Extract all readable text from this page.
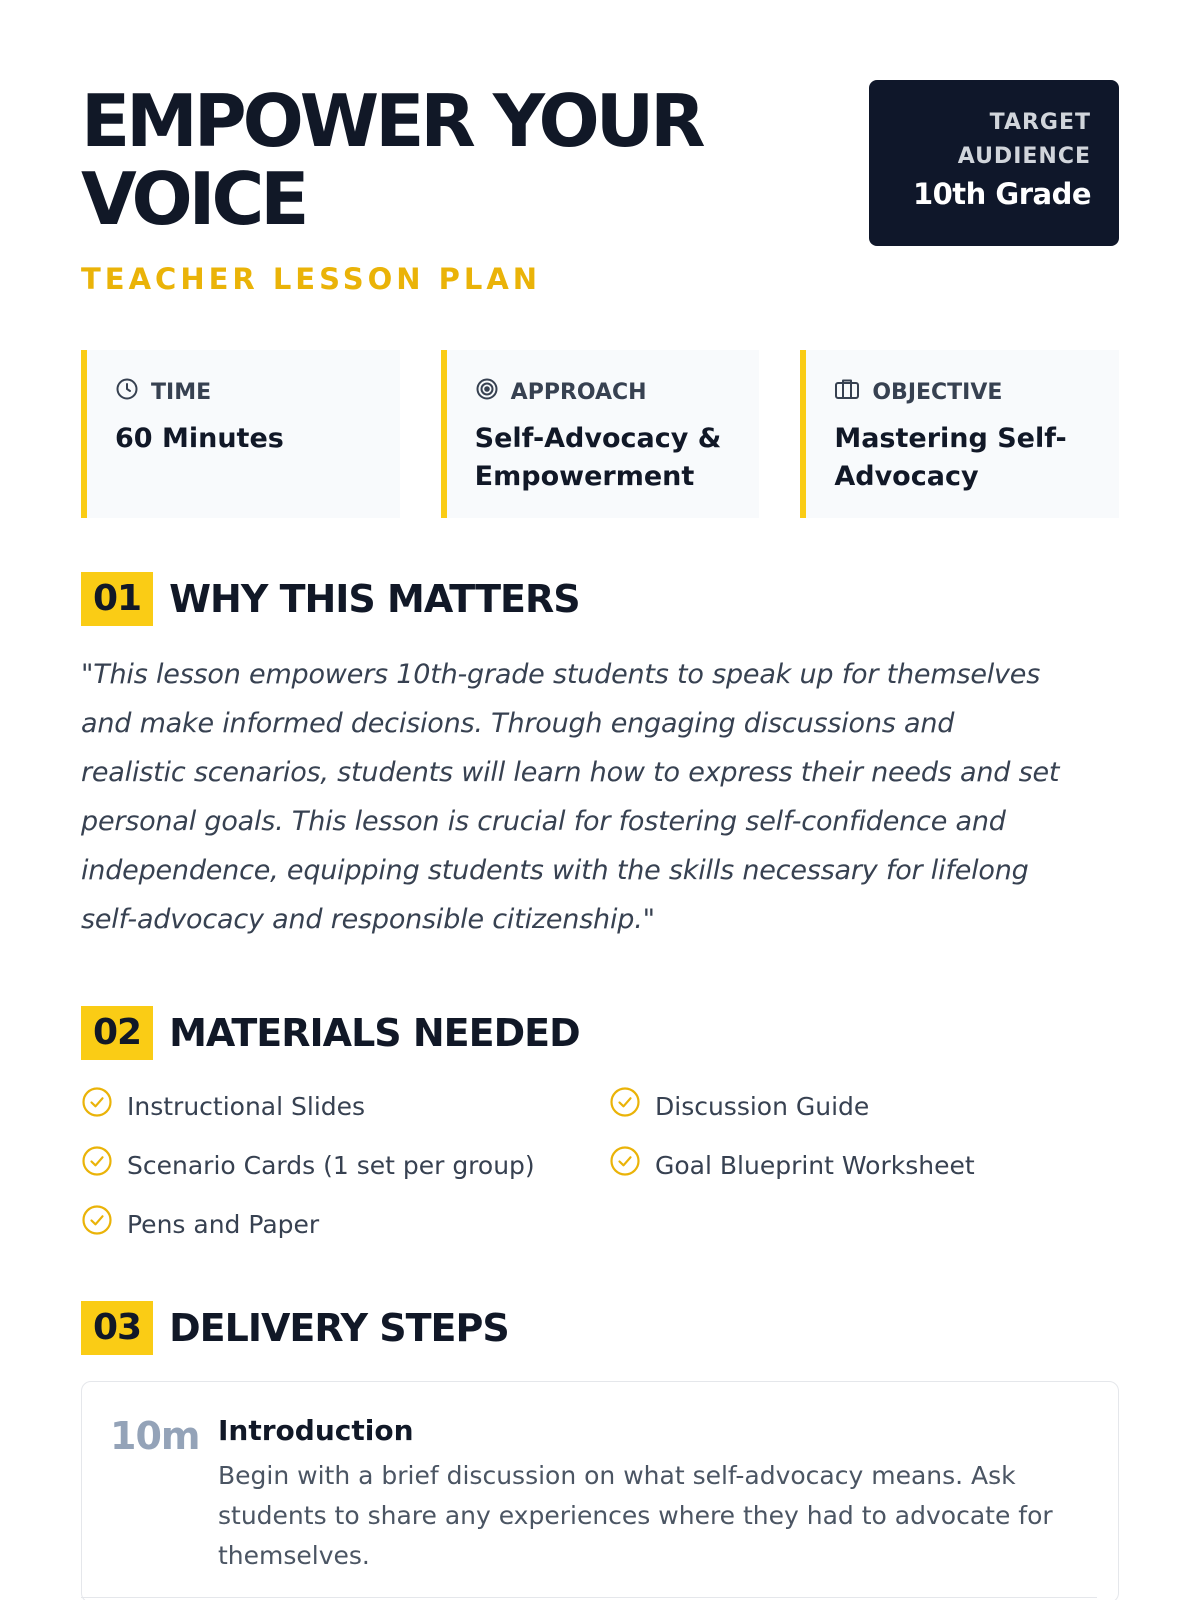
EMPOWER YOUR
VOICE
TEACHER LESSON PLAN
TARGET
AUDIENCE
10th Grade
TIME
60 Minutes
APPROACH
Self-Advocacy &
Empowerment
OBJECTIVE
Mastering Self-
Advocacy
01 WHY THIS MATTERS
"This lesson empowers 10th-grade students to speak up for themselves
and make informed decisions. Through engaging discussions and
realistic scenarios, students will learn how to express their needs and set
personal goals. This lesson is crucial for fostering self-confidence and
independence, equipping students with the skills necessary for lifelong
self-advocacy and responsible citizenship."
02 MATERIALS NEEDED
Instructional Slides	Discussion Guide
Scenario Cards (1 set per group)	Goal Blueprint Worksheet
Pens and Paper
03 DELIVERY STEPS
10m Introduction
Begin with a brief discussion on what self-advocacy means. Ask
students to share any experiences where they had to advocate for
themselves.
